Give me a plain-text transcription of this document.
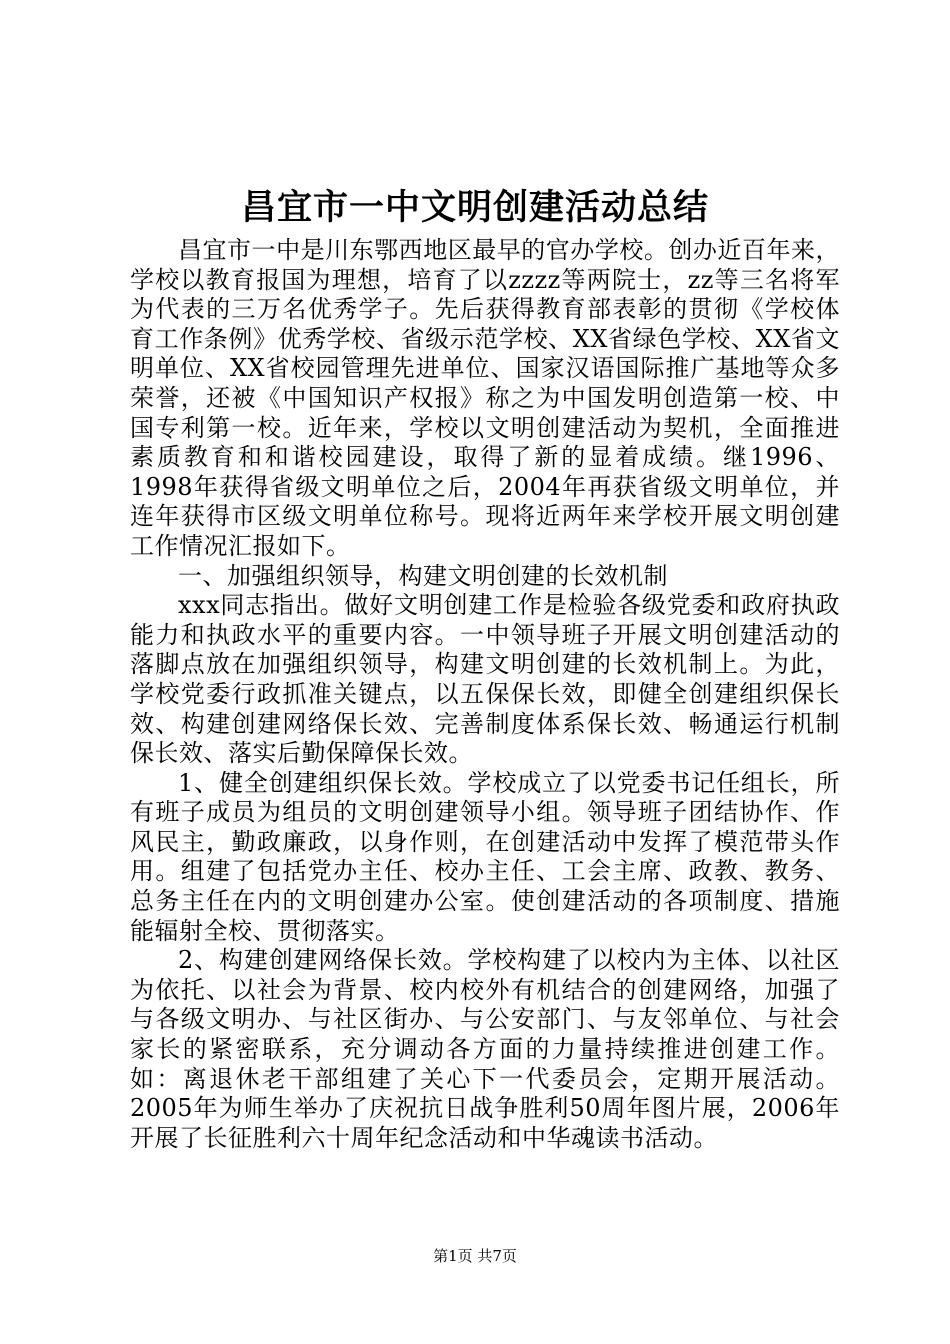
昌宜市一中文明创建活动总结

昌宜市一中是川东鄂西地区最早的官办学校。创办近百年来，学校以教育报国为理想，培育了以zzzz等两院士，zz等三名将军为代表的三万名优秀学子。先后获得教育部表彰的贯彻《学校体育工作条例》优秀学校、省级示范学校、XX省绿色学校、XX省文明单位、XX省校园管理先进单位、国家汉语国际推广基地等众多荣誉，还被《中国知识产权报》称之为中国发明创造第一校、中国专利第一校。近年来，学校以文明创建活动为契机，全面推进素质教育和和谐校园建设，取得了新的显着成绩。继1996、1998年获得省级文明单位之后，2004年再获省级文明单位，并连年获得市区级文明单位称号。现将近两年来学校开展文明创建工作情况汇报如下。

一、加强组织领导，构建文明创建的长效机制

xxx同志指出。做好文明创建工作是检验各级党委和政府执政能力和执政水平的重要内容。一中领导班子开展文明创建活动的落脚点放在加强组织领导，构建文明创建的长效机制上。为此，学校党委行政抓准关键点，以五保保长效，即健全创建组织保长效、构建创建网络保长效、完善制度体系保长效、畅通运行机制保长效、落实后勤保障保长效。

1、健全创建组织保长效。学校成立了以党委书记任组长，所有班子成员为组员的文明创建领导小组。领导班子团结协作、作风民主，勤政廉政，以身作则，在创建活动中发挥了模范带头作用。组建了包括党办主任、校办主任、工会主席、政教、教务、总务主任在内的文明创建办公室。使创建活动的各项制度、措施能辐射全校、贯彻落实。

2、构建创建网络保长效。学校构建了以校内为主体、以社区为依托、以社会为背景、校内校外有机结合的创建网络，加强了与各级文明办、与社区街办、与公安部门、与友邻单位、与社会家长的紧密联系，充分调动各方面的力量持续推进创建工作。如：离退休老干部组建了关心下一代委员会，定期开展活动。2005年为师生举办了庆祝抗日战争胜利50周年图片展，2006年开展了长征胜利六十周年纪念活动和中华魂读书活动。

第1页 共7页
